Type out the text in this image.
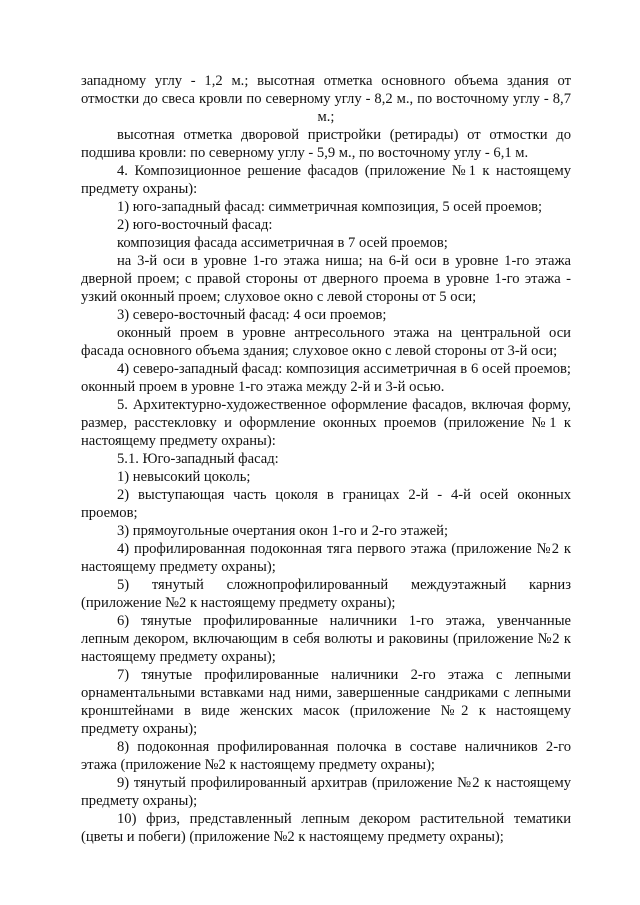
западному углу - 1,2 м.; высотная отметка основного объема здания от отмостки до свеса кровли по северному углу - 8,2 м., по восточному углу - 8,7 м.;

высотная отметка дворовой пристройки (ретирады) от отмостки до подшива кровли: по северному углу - 5,9 м., по восточному углу - 6,1 м.

4. Композиционное решение фасадов (приложение №1 к настоящему предмету охраны):

1) юго-западный фасад: симметричная композиция, 5 осей проемов;

2) юго-восточный фасад:

композиция фасада ассиметричная в 7 осей проемов;

на 3-й оси в уровне 1-го этажа ниша; на 6-й оси в уровне 1-го этажа дверной проем; с правой стороны от дверного проема в уровне 1-го этажа - узкий оконный проем; слуховое окно с левой стороны от 5 оси;

3) северо-восточный фасад: 4 оси проемов;

оконный проем в уровне антресольного этажа на центральной оси фасада основного объема здания; слуховое окно с левой стороны от 3-й оси;

4) северо-западный фасад: композиция ассиметричная в 6 осей проемов; оконный проем в уровне 1-го этажа между 2-й и 3-й осью.

5. Архитектурно-художественное оформление фасадов, включая форму, размер, расстекловку и оформление оконных проемов (приложение №1 к настоящему предмету охраны):

5.1. Юго-западный фасад:

1) невысокий цоколь;

2) выступающая часть цоколя в границах 2-й - 4-й осей оконных проемов;

3) прямоугольные очертания окон 1-го и 2-го этажей;

4) профилированная подоконная тяга первого этажа (приложение №2 к настоящему предмету охраны);

5) тянутый сложнопрофилированный междуэтажный карниз (приложение №2 к настоящему предмету охраны);

6) тянутые профилированные наличники 1-го этажа, увенчанные лепным декором, включающим в себя волюты и раковины (приложение №2 к настоящему предмету охраны);

7) тянутые профилированные наличники 2-го этажа с лепными орнаментальными вставками над ними, завершенные сандриками с лепными кронштейнами в виде женских масок (приложение №2 к настоящему предмету охраны);

8) подоконная профилированная полочка в составе наличников 2-го этажа (приложение №2 к настоящему предмету охраны);

9) тянутый профилированный архитрав (приложение №2 к настоящему предмету охраны);

10) фриз, представленный лепным декором растительной тематики (цветы и побеги) (приложение №2 к настоящему предмету охраны);
